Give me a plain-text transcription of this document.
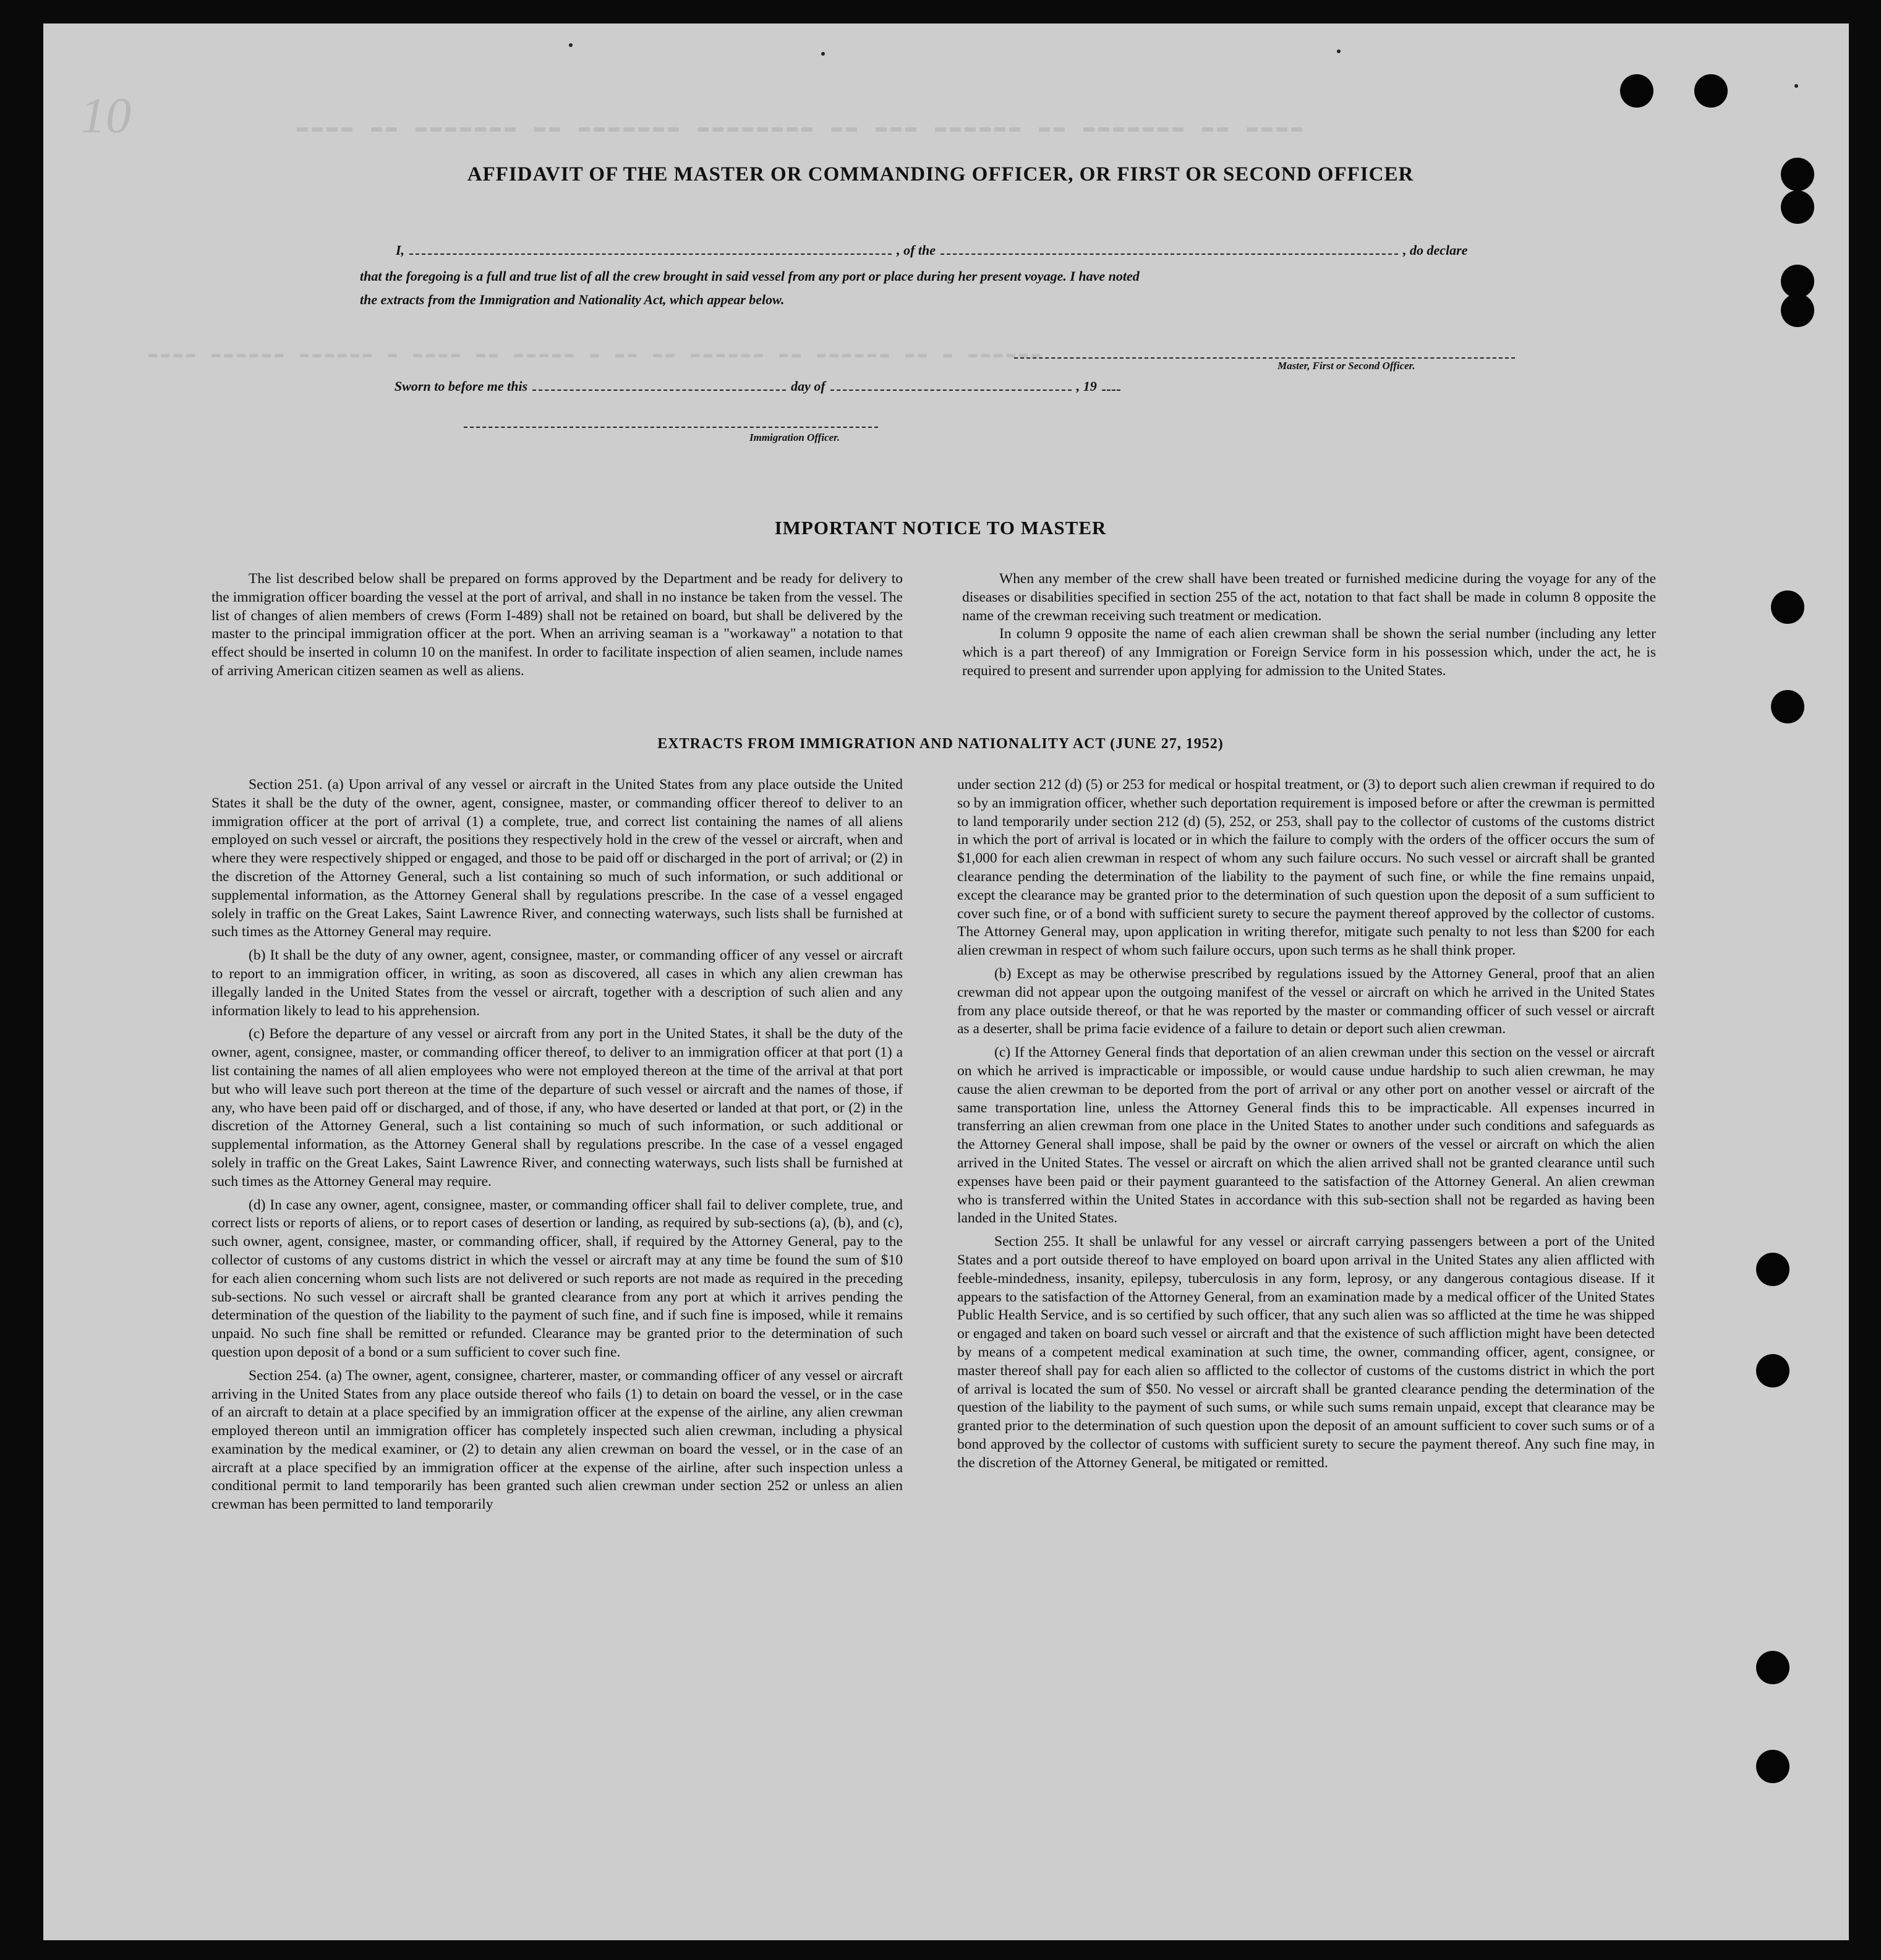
10	▬▬▬▬ ▬▬ ▬▬▬▬▬▬▬ ▬▬ ▬▬▬▬▬▬▬ ▬▬▬▬▬▬▬▬ ▬▬ ▬▬▬ ▬▬▬▬▬▬ ▬▬ ▬▬▬▬▬▬▬ ▬▬ ▬▬▬▬
▬▬▬▬ ▬▬▬▬▬▬ ▬▬▬▬▬▬ ▬ ▬▬▬▬ ▬▬ ▬▬▬▬▬ ▬ ▬▬ ▬▬ ▬▬▬▬▬▬ ▬▬ ▬▬▬▬▬▬ ▬▬ ▬ ▬▬▬▬▬▬
AFFIDAVIT OF THE MASTER OR COMMANDING OFFICER, OR FIRST OR SECOND OFFICER
I,	, of the	, do declare
that the foregoing is a full and true list of all the crew brought in said vessel from any port or place during her present voyage. I have noted
the extracts from the Immigration and Nationality Act, which appear below.
Master, First or Second Officer.
Sworn to before me this	day of	, 19
Immigration Officer.
IMPORTANT NOTICE TO MASTER

The list described below shall be prepared on forms approved by the Department and be ready for delivery to the immigration officer boarding the vessel at the port of arrival, and shall in no instance be taken from the vessel. The list of changes of alien members of crews (Form I-489) shall not be retained on board, but shall be delivered by the master to the principal immigration officer at the port. When an arriving seaman is a "workaway" a notation to that effect should be inserted in column 10 on the manifest. In order to facilitate inspection of alien seamen, include names of arriving American citizen seamen as well as aliens.

When any member of the crew shall have been treated or furnished medicine during the voyage for any of the diseases or disabilities specified in section 255 of the act, notation to that fact shall be made in column 8 opposite the name of the crewman receiving such treatment or medication.

In column 9 opposite the name of each alien crewman shall be shown the serial number (including any letter which is a part thereof) of any Immigration or Foreign Service form in his possession which, under the act, he is required to present and surrender upon applying for admission to the United States.

EXTRACTS FROM IMMIGRATION AND NATIONALITY ACT (JUNE 27, 1952)

Section 251. (a) Upon arrival of any vessel or aircraft in the United States from any place outside the United States it shall be the duty of the owner, agent, consignee, master, or commanding officer thereof to deliver to an immigration officer at the port of arrival (1) a complete, true, and correct list containing the names of all aliens employed on such vessel or aircraft, the positions they respectively hold in the crew of the vessel or aircraft, when and where they were respectively shipped or engaged, and those to be paid off or discharged in the port of arrival; or (2) in the discretion of the Attorney General, such a list containing so much of such information, or such additional or supplemental information, as the Attorney General shall by regulations prescribe. In the case of a vessel engaged solely in traffic on the Great Lakes, Saint Lawrence River, and connecting waterways, such lists shall be furnished at such times as the Attorney General may require.

(b) It shall be the duty of any owner, agent, consignee, master, or commanding officer of any vessel or aircraft to report to an immigration officer, in writing, as soon as discovered, all cases in which any alien crewman has illegally landed in the United States from the vessel or aircraft, together with a description of such alien and any information likely to lead to his apprehension.

(c) Before the departure of any vessel or aircraft from any port in the United States, it shall be the duty of the owner, agent, consignee, master, or commanding officer thereof, to deliver to an immigration officer at that port (1) a list containing the names of all alien employees who were not employed thereon at the time of the arrival at that port but who will leave such port thereon at the time of the departure of such vessel or aircraft and the names of those, if any, who have been paid off or discharged, and of those, if any, who have deserted or landed at that port, or (2) in the discretion of the Attorney General, such a list containing so much of such information, or such additional or supplemental information, as the Attorney General shall by regulations prescribe. In the case of a vessel engaged solely in traffic on the Great Lakes, Saint Lawrence River, and connecting waterways, such lists shall be furnished at such times as the Attorney General may require.

(d) In case any owner, agent, consignee, master, or commanding officer shall fail to deliver complete, true, and correct lists or reports of aliens, or to report cases of desertion or landing, as required by sub-sections (a), (b), and (c), such owner, agent, consignee, master, or commanding officer, shall, if required by the Attorney General, pay to the collector of customs of any customs district in which the vessel or aircraft may at any time be found the sum of $10 for each alien concerning whom such lists are not delivered or such reports are not made as required in the preceding sub-sections. No such vessel or aircraft shall be granted clearance from any port at which it arrives pending the determination of the question of the liability to the payment of such fine, and if such fine is imposed, while it remains unpaid. No such fine shall be remitted or refunded. Clearance may be granted prior to the determination of such question upon deposit of a bond or a sum sufficient to cover such fine.

Section 254. (a) The owner, agent, consignee, charterer, master, or commanding officer of any vessel or aircraft arriving in the United States from any place outside thereof who fails (1) to detain on board the vessel, or in the case of an aircraft to detain at a place specified by an immigration officer at the expense of the airline, any alien crewman employed thereon until an immigration officer has completely inspected such alien crewman, including a physical examination by the medical examiner, or (2) to detain any alien crewman on board the vessel, or in the case of an aircraft at a place specified by an immigration officer at the expense of the airline, after such inspection unless a conditional permit to land temporarily has been granted such alien crewman under section 252 or unless an alien crewman has been permitted to land temporarily

under section 212 (d) (5) or 253 for medical or hospital treatment, or (3) to deport such alien crewman if required to do so by an immigration officer, whether such deportation requirement is imposed before or after the crewman is permitted to land temporarily under section 212 (d) (5), 252, or 253, shall pay to the collector of customs of the customs district in which the port of arrival is located or in which the failure to comply with the orders of the officer occurs the sum of $1,000 for each alien crewman in respect of whom any such failure occurs. No such vessel or aircraft shall be granted clearance pending the determination of the liability to the payment of such fine, or while the fine remains unpaid, except the clearance may be granted prior to the determination of such question upon the deposit of a sum sufficient to cover such fine, or of a bond with sufficient surety to secure the payment thereof approved by the collector of customs. The Attorney General may, upon application in writing therefor, mitigate such penalty to not less than $200 for each alien crewman in respect of whom such failure occurs, upon such terms as he shall think proper.

(b) Except as may be otherwise prescribed by regulations issued by the Attorney General, proof that an alien crewman did not appear upon the outgoing manifest of the vessel or aircraft on which he arrived in the United States from any place outside thereof, or that he was reported by the master or commanding officer of such vessel or aircraft as a deserter, shall be prima facie evidence of a failure to detain or deport such alien crewman.

(c) If the Attorney General finds that deportation of an alien crewman under this section on the vessel or aircraft on which he arrived is impracticable or impossible, or would cause undue hardship to such alien crewman, he may cause the alien crewman to be deported from the port of arrival or any other port on another vessel or aircraft of the same transportation line, unless the Attorney General finds this to be impracticable. All expenses incurred in transferring an alien crewman from one place in the United States to another under such conditions and safeguards as the Attorney General shall impose, shall be paid by the owner or owners of the vessel or aircraft on which the alien arrived in the United States. The vessel or aircraft on which the alien arrived shall not be granted clearance until such expenses have been paid or their payment guaranteed to the satisfaction of the Attorney General. An alien crewman who is transferred within the United States in accordance with this sub-section shall not be regarded as having been landed in the United States.

Section 255. It shall be unlawful for any vessel or aircraft carrying passengers between a port of the United States and a port outside thereof to have employed on board upon arrival in the United States any alien afflicted with feeble-mindedness, insanity, epilepsy, tuberculosis in any form, leprosy, or any dangerous contagious disease. If it appears to the satisfaction of the Attorney General, from an examination made by a medical officer of the United States Public Health Service, and is so certified by such officer, that any such alien was so afflicted at the time he was shipped or engaged and taken on board such vessel or aircraft and that the existence of such affliction might have been detected by means of a competent medical examination at such time, the owner, commanding officer, agent, consignee, or master thereof shall pay for each alien so afflicted to the collector of customs of the customs district in which the port of arrival is located the sum of $50. No vessel or aircraft shall be granted clearance pending the determination of the question of the liability to the payment of such sums, or while such sums remain unpaid, except that clearance may be granted prior to the determination of such question upon the deposit of an amount sufficient to cover such sums or of a bond approved by the collector of customs with sufficient surety to secure the payment thereof. Any such fine may, in the discretion of the Attorney General, be mitigated or remitted.
